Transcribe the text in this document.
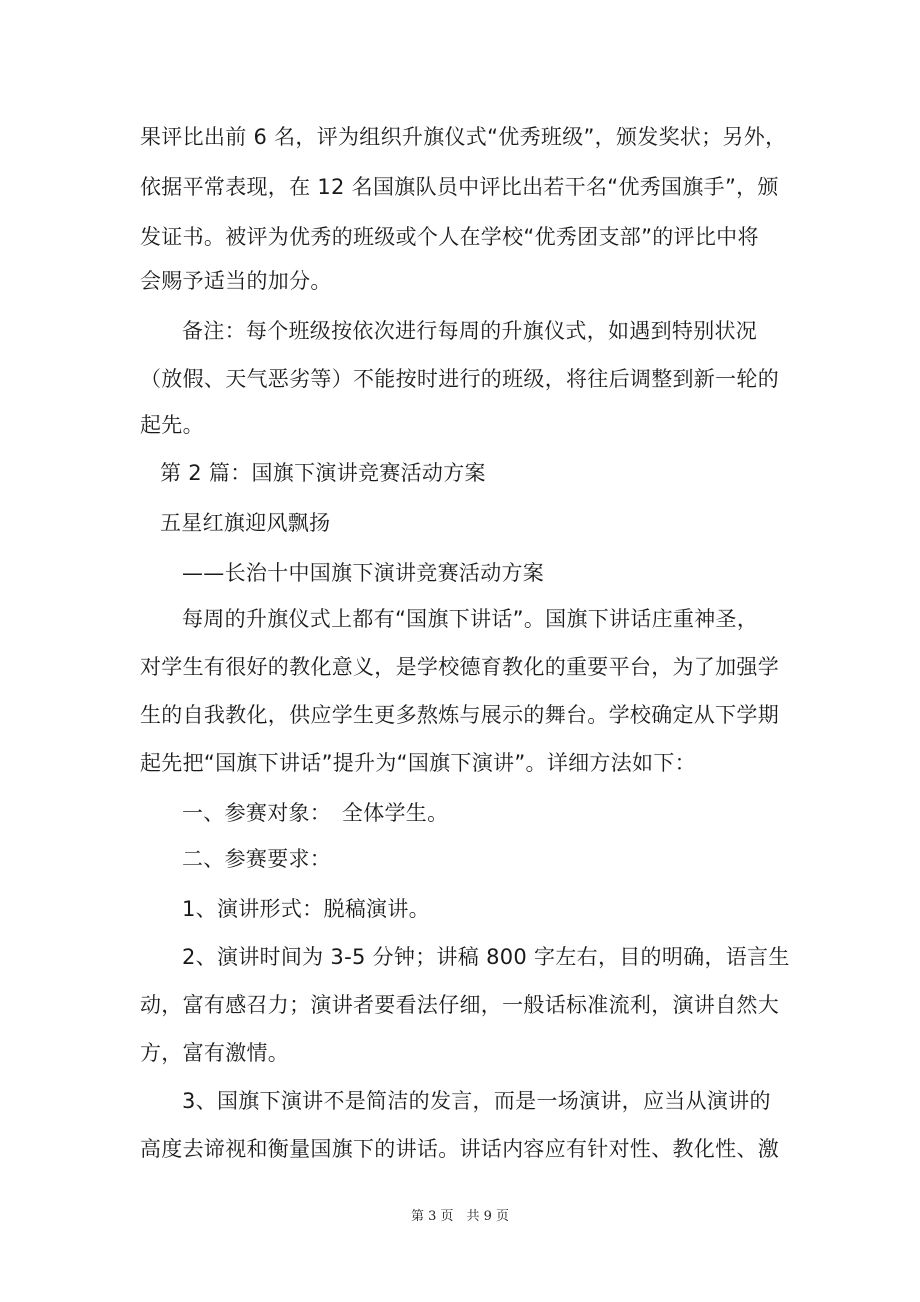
果评比出前 6 名，评为组织升旗仪式“优秀班级”，颁发奖状；另外，
依据平常表现，在 12 名国旗队员中评比出若干名“优秀国旗手”，颁
发证书。被评为优秀的班级或个人在学校“优秀团支部”的评比中将
会赐予适当的加分。
备注：每个班级按依次进行每周的升旗仪式，如遇到特别状况
（放假、天气恶劣等）不能按时进行的班级，将往后调整到新一轮的
起先。
第 2 篇：国旗下演讲竞赛活动方案
五星红旗迎风飘扬
——长治十中国旗下演讲竞赛活动方案
每周的升旗仪式上都有“国旗下讲话”。国旗下讲话庄重神圣，
对学生有很好的教化意义，是学校德育教化的重要平台，为了加强学
生的自我教化，供应学生更多熬炼与展示的舞台。学校确定从下学期
起先把“国旗下讲话”提升为“国旗下演讲”。详细方法如下：
一、参赛对象：　全体学生。
二、参赛要求：
1、演讲形式：脱稿演讲。
2、演讲时间为 3-5 分钟；讲稿 800 字左右，目的明确，语言生
动，富有感召力；演讲者要看法仔细，一般话标准流利，演讲自然大
方，富有激情。
3、国旗下演讲不是简洁的发言，而是一场演讲，应当从演讲的
高度去谛视和衡量国旗下的讲话。讲话内容应有针对性、教化性、激
第 3 页　共 9 页
